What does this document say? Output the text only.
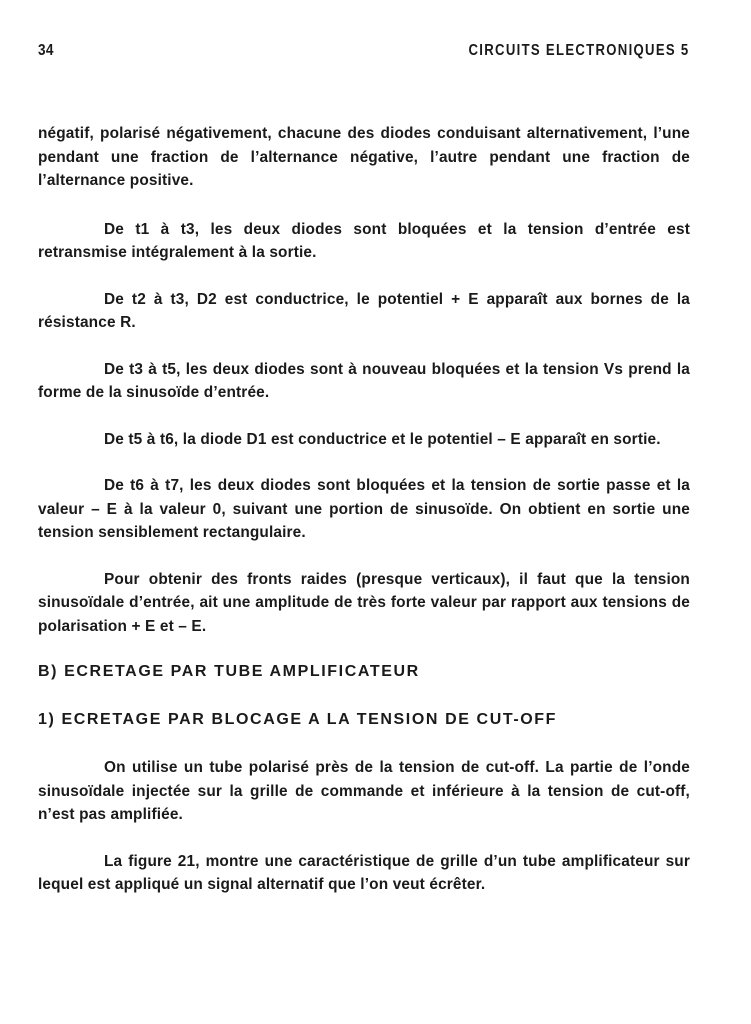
34	CIRCUITS ELECTRONIQUES 5

négatif, polarisé négativement, chacune des diodes conduisant alternativement, l’une pendant une fraction de l’alternance négative, l’autre pendant une fraction de l’alternance positive.

De t1 à t3, les deux diodes sont bloquées et la tension d’entrée est retransmise intégralement à la sortie.

De t2 à t3, D2 est conductrice, le potentiel + E apparaît aux bornes de la résistance R.

De t3 à t5, les deux diodes sont à nouveau bloquées et la tension Vs prend la forme de la sinusoïde d’entrée.

De t5 à t6, la diode D1 est conductrice et le potentiel – E apparaît en sortie.

De t6 à t7, les deux diodes sont bloquées et la tension de sortie passe et la valeur – E à la valeur 0, suivant une portion de sinusoïde. On obtient en sortie une tension sensiblement rectangulaire.

Pour obtenir des fronts raides (presque verticaux), il faut que la tension sinusoïdale d’entrée, ait une amplitude de très forte valeur par rapport aux tensions de polarisation + E et – E.

B) ECRETAGE PAR TUBE AMPLIFICATEUR
1) ECRETAGE PAR BLOCAGE A LA TENSION DE CUT-OFF

On utilise un tube polarisé près de la tension de cut-off. La partie de l’onde sinusoïdale injectée sur la grille de commande et inférieure à la tension de cut-off, n’est pas amplifiée.

La figure 21, montre une caractéristique de grille d’un tube amplificateur sur lequel est appliqué un signal alternatif que l’on veut écrêter.
